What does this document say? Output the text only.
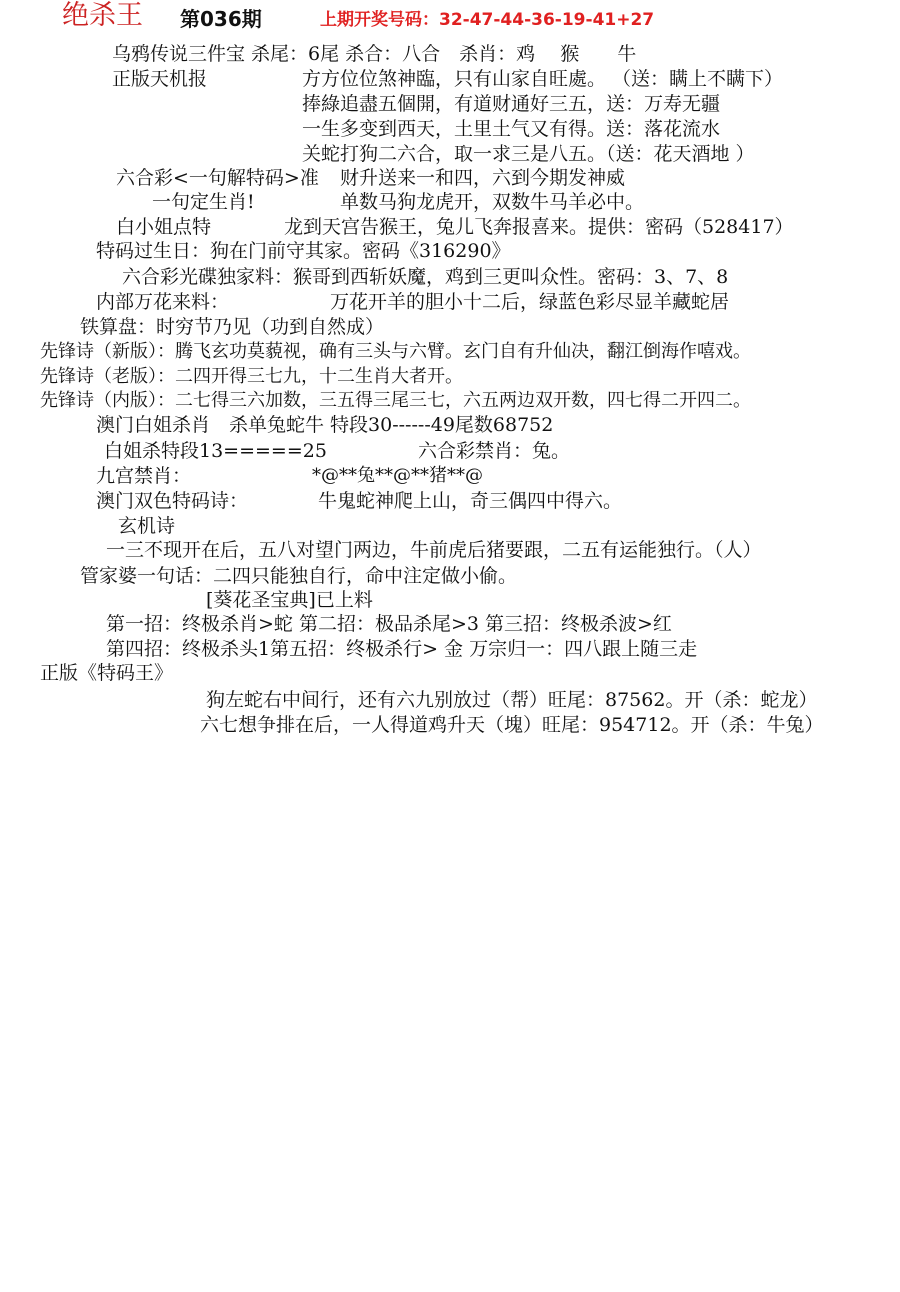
绝杀王 第036期	上期开奖号码：32-47-44-36-19-41+27
乌鸦传说三件宝 杀尾：6尾 杀合：八合　杀肖：鸡　 猴　　牛
正版天机报	方方位位煞神臨，只有山家自旺處。 （送：瞒上不瞒下）
捧綠追盡五個開，有道财通好三五，送：万寿无疆
一生多变到西天，土里土气又有得。送：落花流水
关蛇打狗二六合，取一求三是八五。（送：花天酒地 ）
六合彩<一句解特码>准 财升送来一和四，六到今期发神威
一句定生肖!	单数马狗龙虎开，双数牛马羊必中。
白小姐点特	龙到天宫告猴王，兔儿飞奔报喜来。提供：密码（528417）
特码过生日：狗在门前守其家。密码《316290》
六合彩光碟独家料：猴哥到西斩妖魔，鸡到三更叫众性。密码：3、7、8
内部万花来料：	万花开羊的胆小十二后，绿蓝色彩尽显羊藏蛇居
铁算盘：时穷节乃见（功到自然成）
先锋诗（新版）：腾飞玄功莫藐视，确有三头与六臂。玄门自有升仙决，翻江倒海作嘻戏。
先锋诗（老版）：二四开得三七九，十二生肖大者开。
先锋诗（内版）：二七得三六加数，三五得三尾三七，六五两边双开数，四七得二开四二。
澳门白姐杀肖　杀单兔蛇牛 特段30------49尾数68752
白姐杀特段13=====25	六合彩禁肖：兔。
九宫禁肖：	*@**兔**@**猪**@
澳门双色特码诗：	牛鬼蛇神爬上山，奇三偶四中得六。
玄机诗
一三不现开在后，五八对望门两边，牛前虎后猪要跟，二五有运能独行。（人）
管家婆一句话：二四只能独自行，命中注定做小偷。
[葵花圣宝典]已上料
第一招：终极杀肖>蛇 第二招：极品杀尾>3 第三招：终极杀波>红
第四招：终极杀头1第五招：终极杀行> 金 万宗归一：四八跟上随三走
正版《特码王》
狗左蛇右中间行，还有六九别放过（帮）旺尾：87562。开（杀：蛇龙）
六七想争排在后，一人得道鸡升天（塊）旺尾：954712。开（杀：牛兔）
